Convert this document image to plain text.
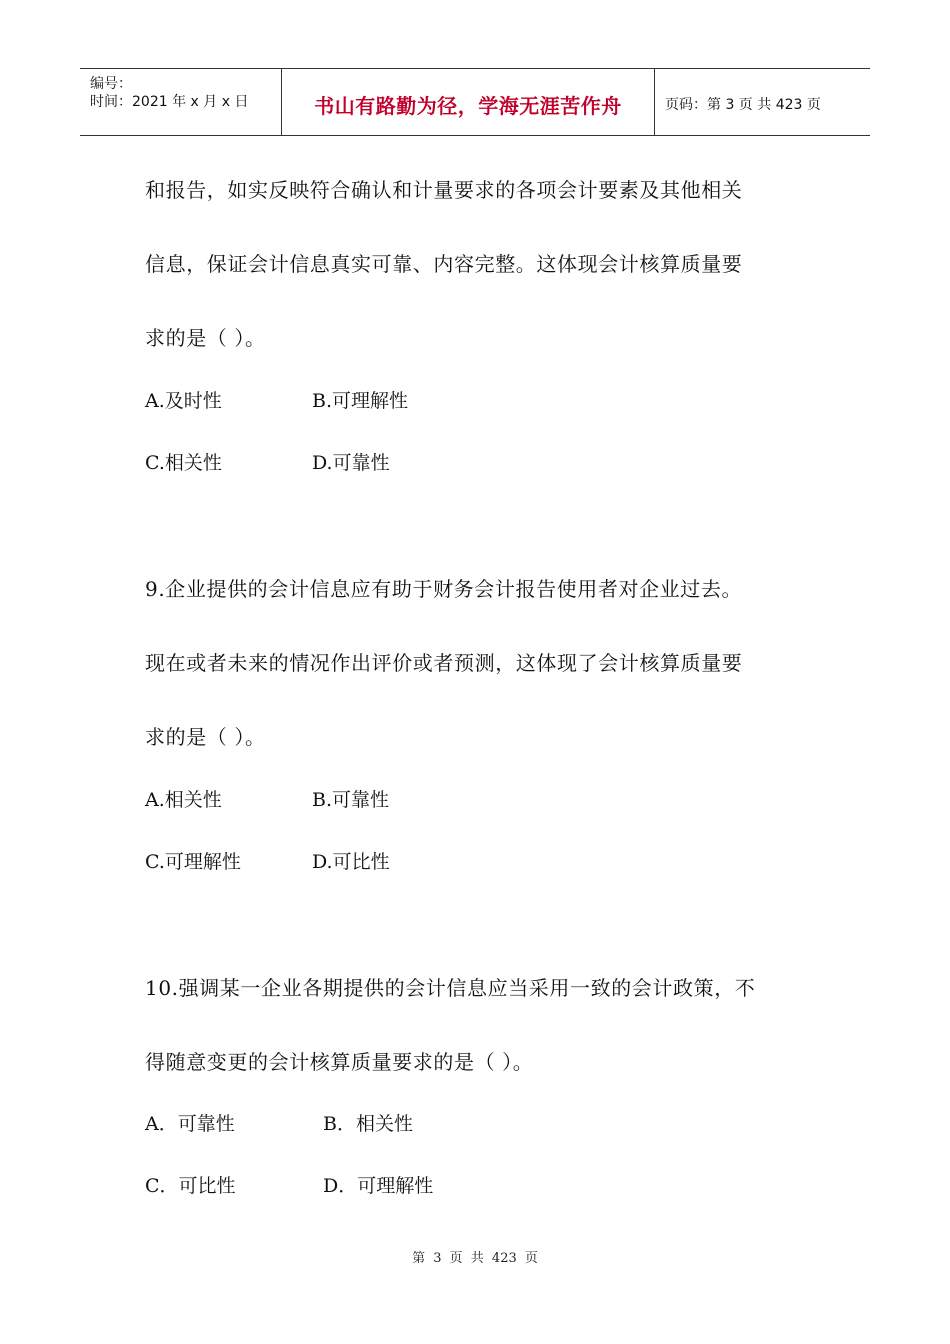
编号：
时间：2021 年 x 月 x 日	书山有路勤为径，学海无涯苦作舟	页码：第 3 页 共 423 页
和报告，如实反映符合确认和计量要求的各项会计要素及其他相关
信息，保证会计信息真实可靠、内容完整。这体现会计核算质量要
求的是（ ）。
A.及时性	B.可理解性
C.相关性	D.可靠性
9.企业提供的会计信息应有助于财务会计报告使用者对企业过去。
现在或者未来的情况作出评价或者预测，这体现了会计核算质量要
求的是（ ）。
A.相关性	B.可靠性
C.可理解性	D.可比性
10.强调某一企业各期提供的会计信息应当采用一致的会计政策，不
得随意变更的会计核算质量要求的是（ ）。
A．可靠性	B．相关性
C．可比性	D．可理解性
第 3 页 共 423 页
